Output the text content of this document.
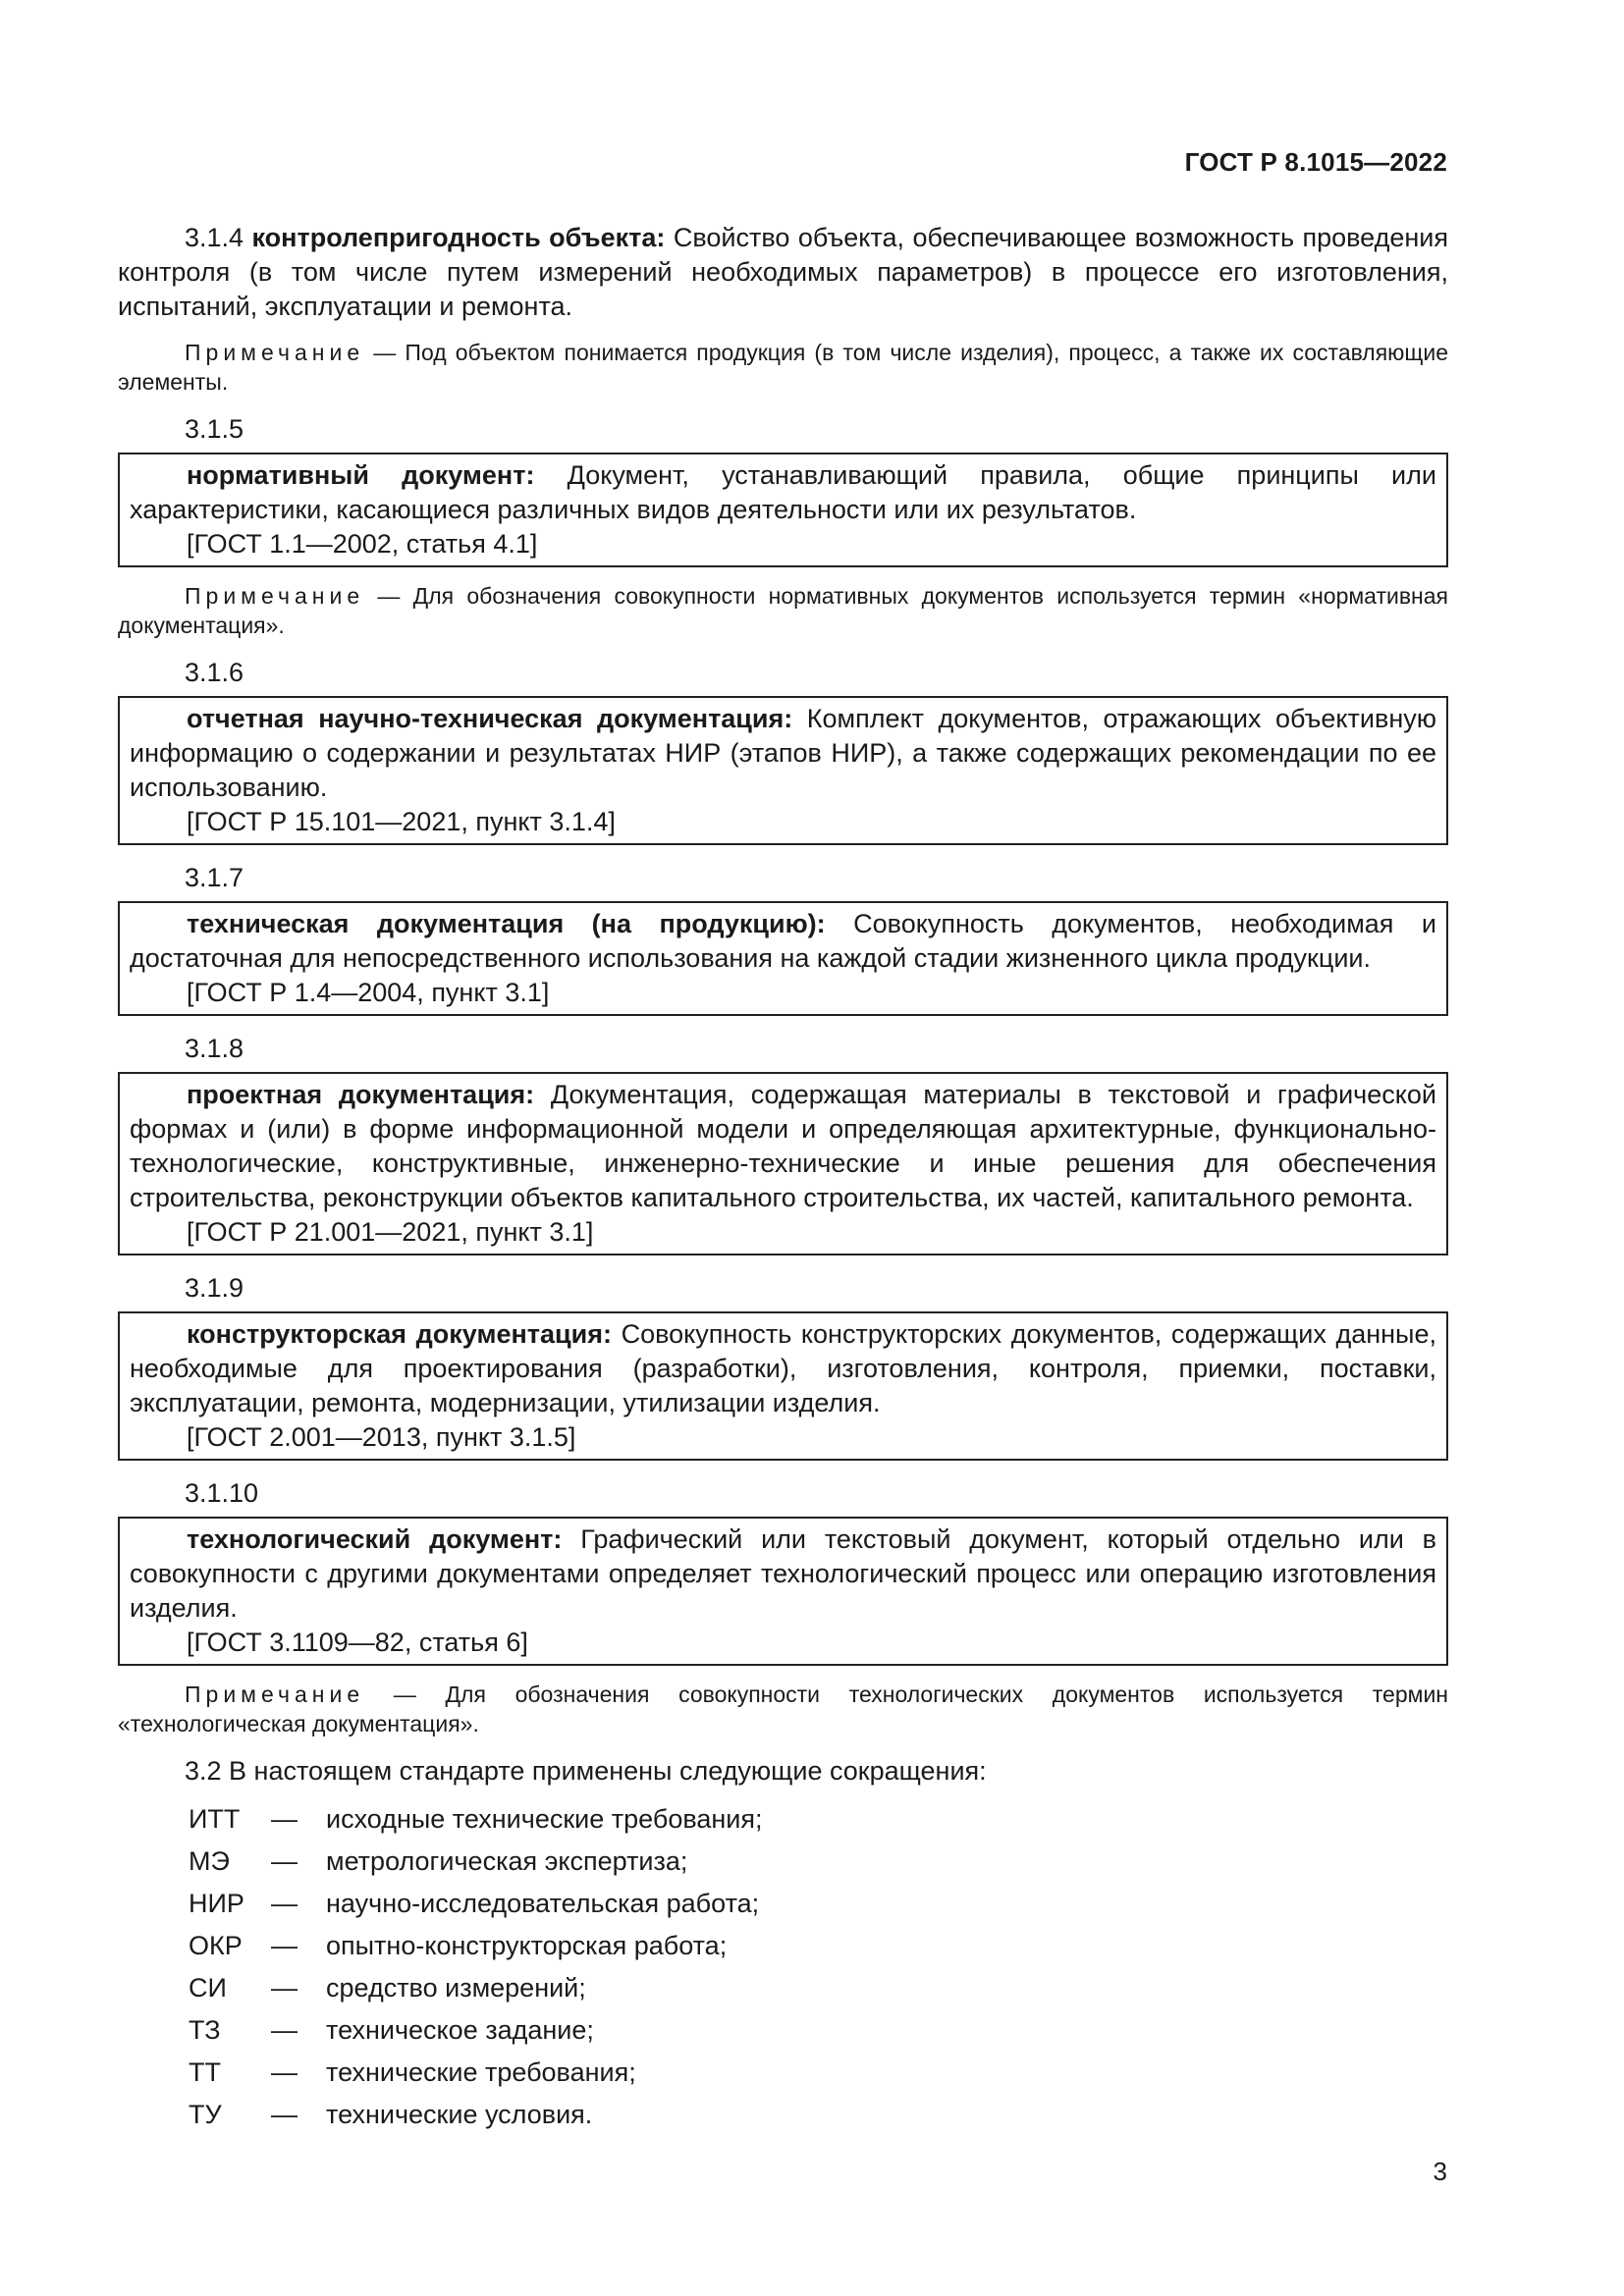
ГОСТ Р 8.1015—2022

3.1.4 контролепригодность объекта: Свойство объекта, обеспечивающее возможность проведения контроля (в том числе путем измерений необходимых параметров) в процессе его изготовления, испытаний, эксплуатации и ремонта.

Примечание — Под объектом понимается продукция (в том числе изделия), процесс, а также их составляющие элементы.

3.1.5

нормативный документ: Документ, устанавливающий правила, общие принципы или характеристики, касающиеся различных видов деятельности или их результатов.

[ГОСТ 1.1—2002, статья 4.1]

Примечание — Для обозначения совокупности нормативных документов используется термин «нормативная документация».

3.1.6

отчетная научно-техническая документация: Комплект документов, отражающих объективную информацию о содержании и результатах НИР (этапов НИР), а также содержащих рекомендации по ее использованию.

[ГОСТ Р 15.101—2021, пункт 3.1.4]

3.1.7

техническая документация (на продукцию): Совокупность документов, необходимая и достаточная для непосредственного использования на каждой стадии жизненного цикла продукции.

[ГОСТ Р 1.4—2004, пункт 3.1]

3.1.8

проектная документация: Документация, содержащая материалы в текстовой и графической формах и (или) в форме информационной модели и определяющая архитектурные, функционально-технологические, конструктивные, инженерно-технические и иные решения для обеспечения строительства, реконструкции объектов капитального строительства, их частей, капитального ремонта.

[ГОСТ Р 21.001—2021, пункт 3.1]

3.1.9

конструкторская документация: Совокупность конструкторских документов, содержащих данные, необходимые для проектирования (разработки), изготовления, контроля, приемки, поставки, эксплуатации, ремонта, модернизации, утилизации изделия.

[ГОСТ 2.001—2013, пункт 3.1.5]

3.1.10

технологический документ: Графический или текстовый документ, который отдельно или в совокупности с другими документами определяет технологический процесс или операцию изготовления изделия.

[ГОСТ 3.1109—82, статья 6]

Примечание — Для обозначения совокупности технологических документов используется термин «технологическая документация».

3.2 В настоящем стандарте применены следующие сокращения:
ИТТ	—	исходные технические требования;
МЭ	—	метрологическая экспертиза;
НИР	—	научно-исследовательская работа;
ОКР	—	опытно-конструкторская работа;
СИ	—	средство измерений;
ТЗ	—	техническое задание;
ТТ	—	технические требования;
ТУ	—	технические условия.
3
